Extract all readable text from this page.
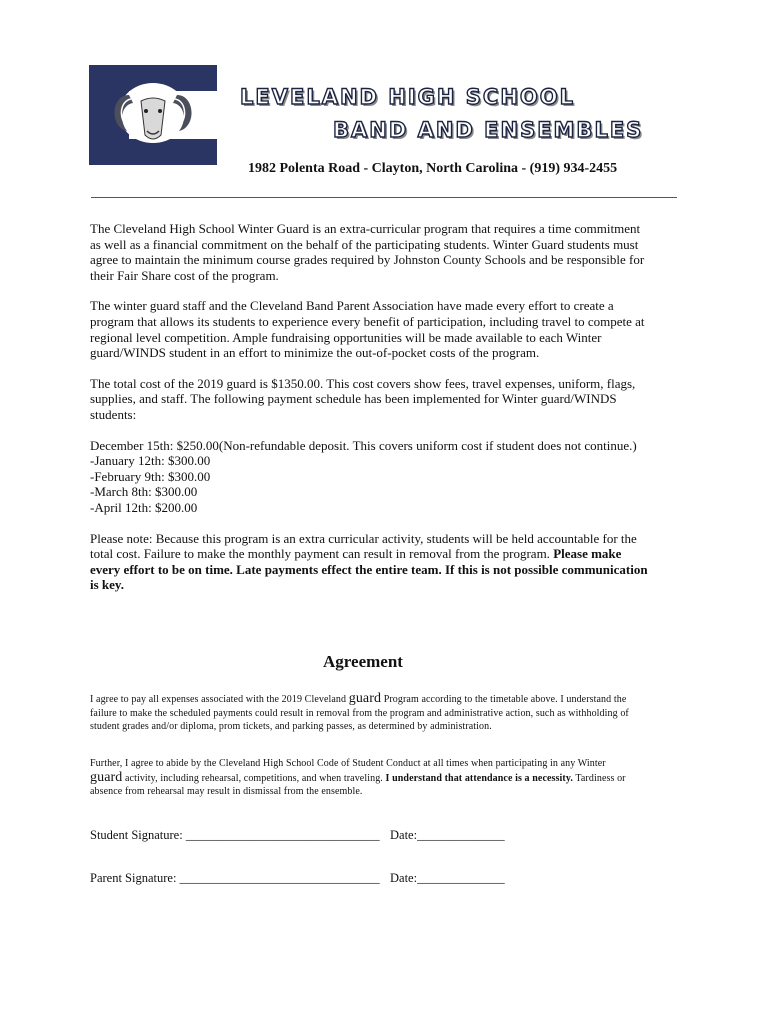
LEVELAND HIGH SCHOOL
BAND AND ENSEMBLES

1982 Polenta Road - Clayton, North Carolina - (919) 934-2455

The Cleveland High School Winter Guard is an extra-curricular program that requires a time commitment as well as a financial commitment on the behalf of the participating students. Winter Guard students must agree to maintain the minimum course grades required by Johnston County Schools and be responsible for their Fair Share cost of the program.

The winter guard staff and the Cleveland Band Parent Association have made every effort to create a program that allows its students to experience every benefit of participation, including travel to compete at regional level competition. Ample fundraising opportunities will be made available to each Winter guard/WINDS student in an effort to minimize the out-of-pocket costs of the program.

The total cost of the 2019 guard is $1350.00. This cost covers show fees, travel expenses, uniform, flags, supplies, and staff. The following payment schedule has been implemented for Winter guard/WINDS students:

December 15th: $250.00(Non-refundable deposit. This covers uniform cost if student does not continue.)
-January 12th: $300.00
-February 9th: $300.00
-March 8th: $300.00
-April 12th: $200.00

Please note: Because this program is an extra curricular activity, students will be held accountable for the total cost. Failure to make the monthly payment can result in removal from the program. Please make every effort to be on time. Late payments effect the entire team. If this is not possible communication is key.

Agreement

I agree to pay all expenses associated with the 2019 Cleveland guard Program according to the timetable above. I understand the failure to make the scheduled payments could result in removal from the program and administrative action, such as withholding of student grades and/or diploma, prom tickets, and parking passes, as determined by administration.

Further, I agree to abide by the Cleveland High School Code of Student Conduct at all times when participating in any Winter guard activity, including rehearsal, competitions, and when traveling. I understand that attendance is a necessity. Tardiness or absence from rehearsal may result in dismissal from the ensemble.

Student Signature: _______________________________ Date:______________
Parent Signature: ________________________________ Date:______________
